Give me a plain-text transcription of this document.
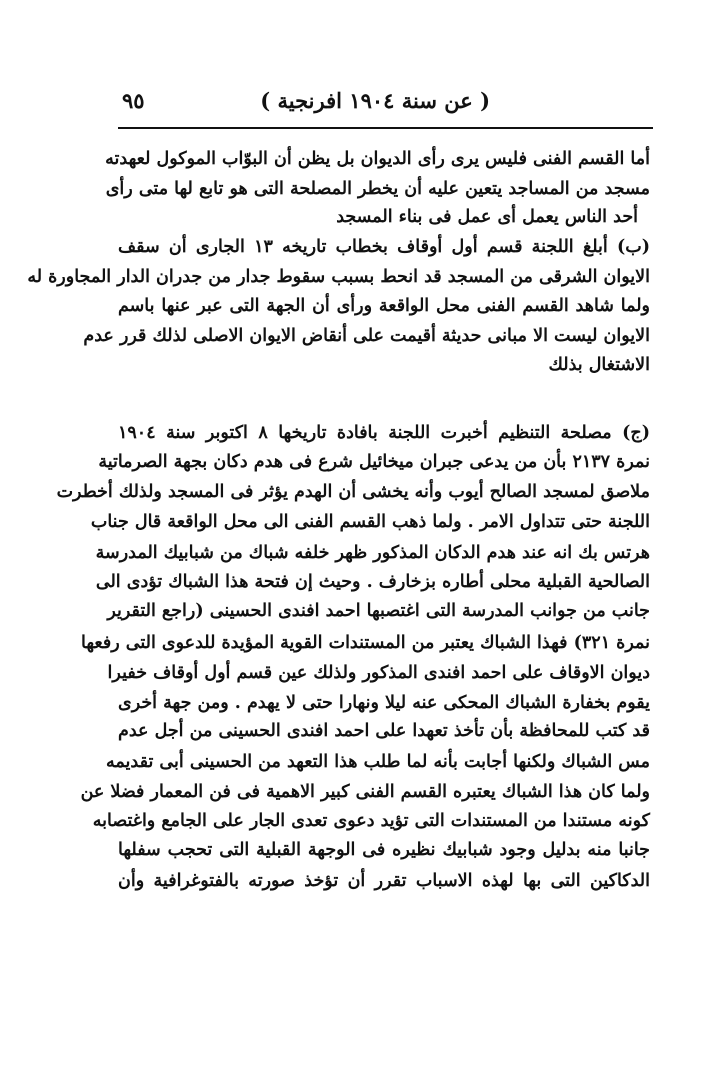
( عن سنة ١٩٠٤ افرنجية )
٩٥
أما القسم الفنى فليس يرى رأى الديوان بل يظن أن البوّاب الموكول لعهدته
مسجد من المساجد يتعين عليه أن يخطر المصلحة التى هو تابع لها متى رأى
أحد الناس يعمل أى عمل فى بناء المسجد
(ب) أبلغ اللجنة قسم أول أوقاف بخطاب تاريخه ١٣ الجارى أن سقف
الايوان الشرقى من المسجد قد انحط بسبب سقوط جدار من جدران الدار المجاورة له
ولما شاهد القسم الفنى محل الواقعة ورأى أن الجهة التى عبر عنها باسم
الايوان ليست الا مبانى حديثة أقيمت على أنقاض الايوان الاصلى لذلك قرر عدم
الاشتغال بذلك
(ج) مصلحة التنظيم أخبرت اللجنة بافادة تاريخها ٨ اكتوبر سنة ١٩٠٤
نمرة ٢١٣٧ بأن من يدعى جبران ميخائيل شرع فى هدم دكان بجهة الصرماتية
ملاصق لمسجد الصالح أيوب وأنه يخشى أن الهدم يؤثر فى المسجد ولذلك أخطرت
اللجنة حتى تتداول الامر . ولما ذهب القسم الفنى الى محل الواقعة قال جناب
هرتس بك انه عند هدم الدكان المذكور ظهر خلفه شباك من شبابيك المدرسة
الصالحية القبلية محلى أطاره بزخارف . وحيث إن فتحة هذا الشباك تؤدى الى
جانب من جوانب المدرسة التى اغتصبها احمد افندى الحسينى (راجع التقرير
نمرة ٣٢١) فهذا الشباك يعتبر من المستندات القوية المؤيدة للدعوى التى رفعها
ديوان الاوقاف على احمد افندى المذكور ولذلك عين قسم أول أوقاف خفيرا
يقوم بخفارة الشباك المحكى عنه ليلا ونهارا حتى لا يهدم . ومن جهة أخرى
قد كتب للمحافظة بأن تأخذ تعهدا على احمد افندى الحسينى من أجل عدم
مس الشباك ولكنها أجابت بأنه لما طلب هذا التعهد من الحسينى أبى تقديمه
ولما كان هذا الشباك يعتبره القسم الفنى كبير الاهمية فى فن المعمار فضلا عن
كونه مستندا من المستندات التى تؤيد دعوى تعدى الجار على الجامع واغتصابه
جانبا منه بدليل وجود شبابيك نظيره فى الوجهة القبلية التى تحجب سفلها
الدكاكين التى بها لهذه الاسباب تقرر أن تؤخذ صورته بالفتوغرافية وأن
